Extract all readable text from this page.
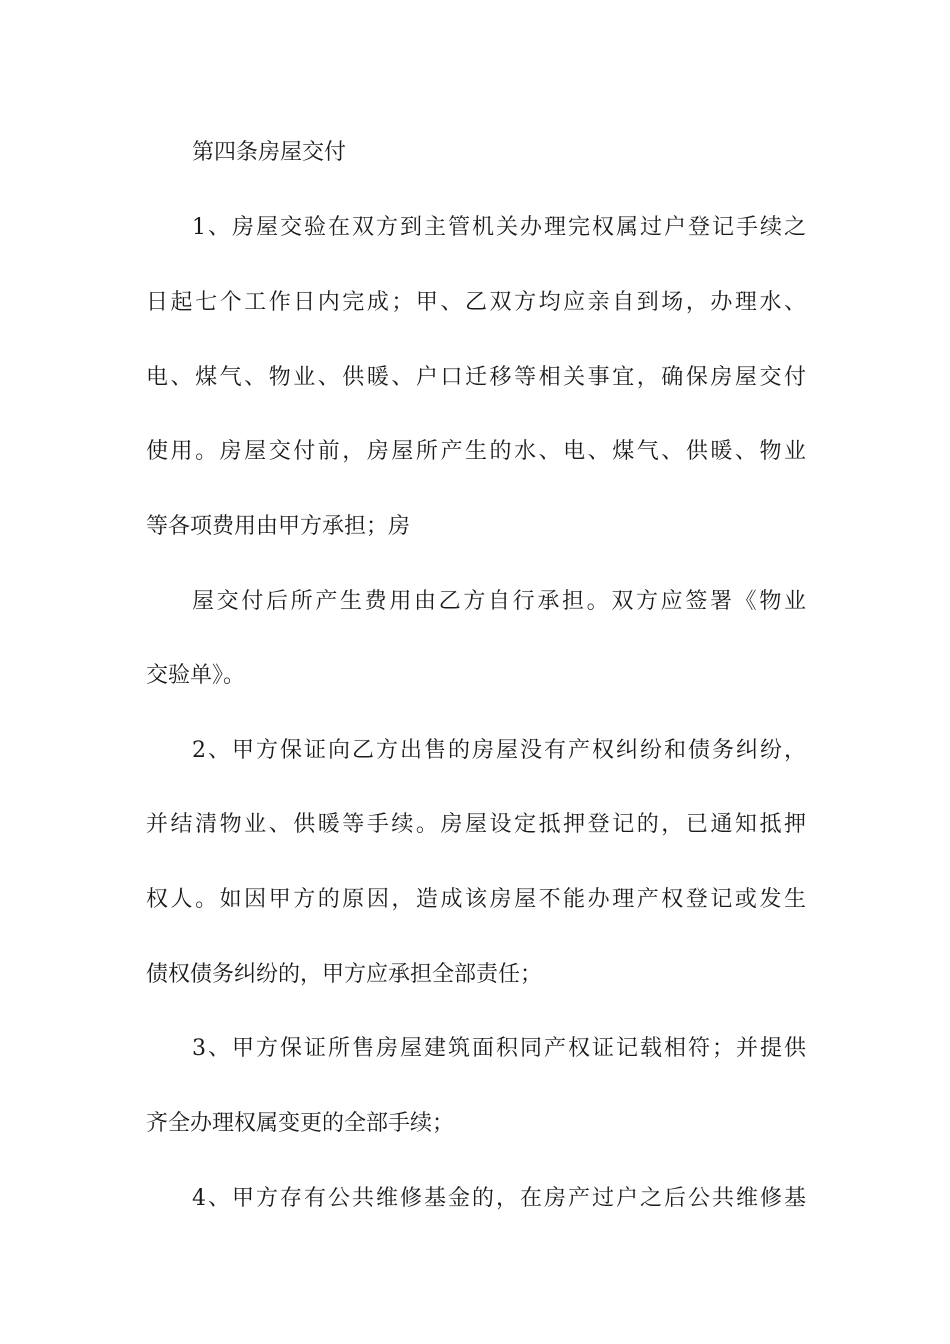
第四条房屋交付
1、房屋交验在双方到主管机关办理完权属过户登记手续之
日起七个工作日内完成；甲、乙双方均应亲自到场，办理水、
电、煤气、物业、供暖、户口迁移等相关事宜，确保房屋交付
使用。房屋交付前，房屋所产生的水、电、煤气、供暖、物业
等各项费用由甲方承担；房
屋交付后所产生费用由乙方自行承担。双方应签署《物业
交验单》。
2、甲方保证向乙方出售的房屋没有产权纠纷和债务纠纷，
并结清物业、供暖等手续。房屋设定抵押登记的，已通知抵押
权人。如因甲方的原因，造成该房屋不能办理产权登记或发生
债权债务纠纷的，甲方应承担全部责任；
3、甲方保证所售房屋建筑面积同产权证记载相符；并提供
齐全办理权属变更的全部手续；
4、甲方存有公共维修基金的，在房产过户之后公共维修基
